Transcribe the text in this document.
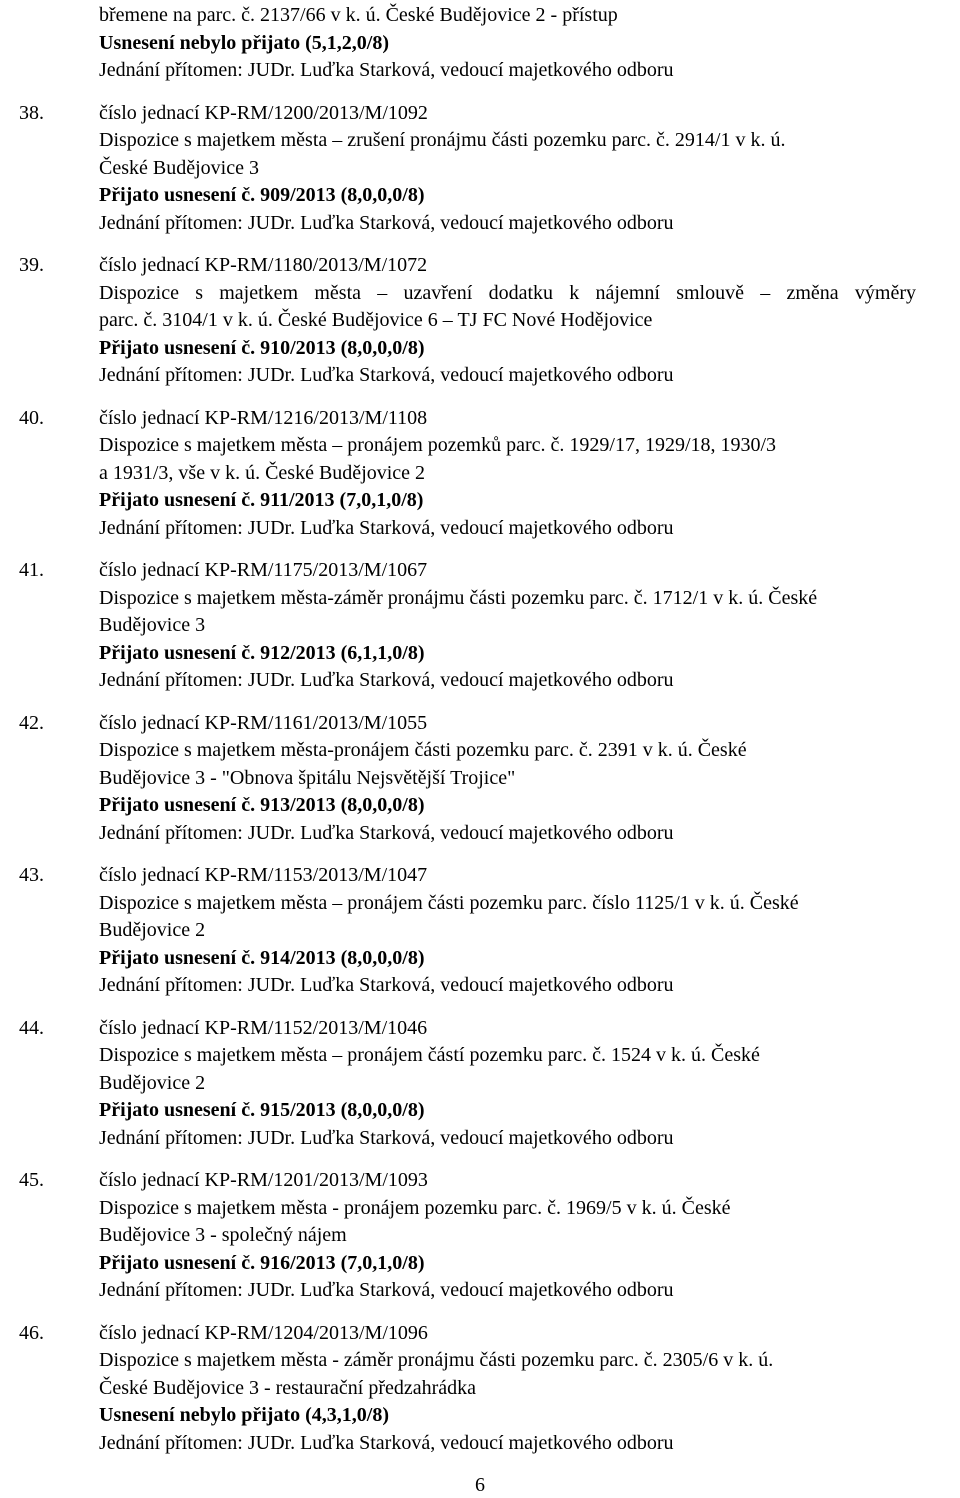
břemene na parc. č. 2137/66 v k. ú. České Budějovice 2 - přístup
Usnesení nebylo přijato (5,1,2,0/8)
Jednání přítomen: JUDr. Luďka Starková, vedoucí majetkového odboru
38.	číslo jednací KP-RM/1200/2013/M/1092
Dispozice s majetkem města – zrušení pronájmu části pozemku parc. č. 2914/1 v k. ú.
České Budějovice 3
Přijato usnesení č. 909/2013 (8,0,0,0/8)
Jednání přítomen: JUDr. Luďka Starková, vedoucí majetkového odboru
39.	číslo jednací KP-RM/1180/2013/M/1072
Dispozice s majetkem města – uzavření dodatku k nájemní smlouvě – změna výměry
parc. č. 3104/1 v k. ú. České Budějovice 6 – TJ FC Nové Hodějovice
Přijato usnesení č. 910/2013 (8,0,0,0/8)
Jednání přítomen: JUDr. Luďka Starková, vedoucí majetkového odboru
40.	číslo jednací KP-RM/1216/2013/M/1108
Dispozice s majetkem města – pronájem pozemků parc. č. 1929/17, 1929/18, 1930/3
a 1931/3, vše v k. ú. České Budějovice 2
Přijato usnesení č. 911/2013 (7,0,1,0/8)
Jednání přítomen: JUDr. Luďka Starková, vedoucí majetkového odboru
41.	číslo jednací KP-RM/1175/2013/M/1067
Dispozice s majetkem města-záměr pronájmu části pozemku parc. č. 1712/1 v k. ú. České
Budějovice 3
Přijato usnesení č. 912/2013 (6,1,1,0/8)
Jednání přítomen: JUDr. Luďka Starková, vedoucí majetkového odboru
42.	číslo jednací KP-RM/1161/2013/M/1055
Dispozice s majetkem města-pronájem části pozemku parc. č. 2391 v k. ú. České
Budějovice 3 - "Obnova špitálu Nejsvětější Trojice"
Přijato usnesení č. 913/2013 (8,0,0,0/8)
Jednání přítomen: JUDr. Luďka Starková, vedoucí majetkového odboru
43.	číslo jednací KP-RM/1153/2013/M/1047
Dispozice s majetkem města – pronájem části pozemku parc. číslo 1125/1 v k. ú. České
Budějovice 2
Přijato usnesení č. 914/2013 (8,0,0,0/8)
Jednání přítomen: JUDr. Luďka Starková, vedoucí majetkového odboru
44.	číslo jednací KP-RM/1152/2013/M/1046
Dispozice s majetkem města – pronájem částí pozemku parc. č. 1524 v k. ú. České
Budějovice 2
Přijato usnesení č. 915/2013 (8,0,0,0/8)
Jednání přítomen: JUDr. Luďka Starková, vedoucí majetkového odboru
45.	číslo jednací KP-RM/1201/2013/M/1093
Dispozice s majetkem města - pronájem pozemku parc. č. 1969/5 v k. ú. České
Budějovice 3 - společný nájem
Přijato usnesení č. 916/2013 (7,0,1,0/8)
Jednání přítomen: JUDr. Luďka Starková, vedoucí majetkového odboru
46.	číslo jednací KP-RM/1204/2013/M/1096
Dispozice s majetkem města - záměr pronájmu části pozemku parc. č. 2305/6 v k. ú.
České Budějovice 3 - restaurační předzahrádka
Usnesení nebylo přijato (4,3,1,0/8)
Jednání přítomen: JUDr. Luďka Starková, vedoucí majetkového odboru
6
